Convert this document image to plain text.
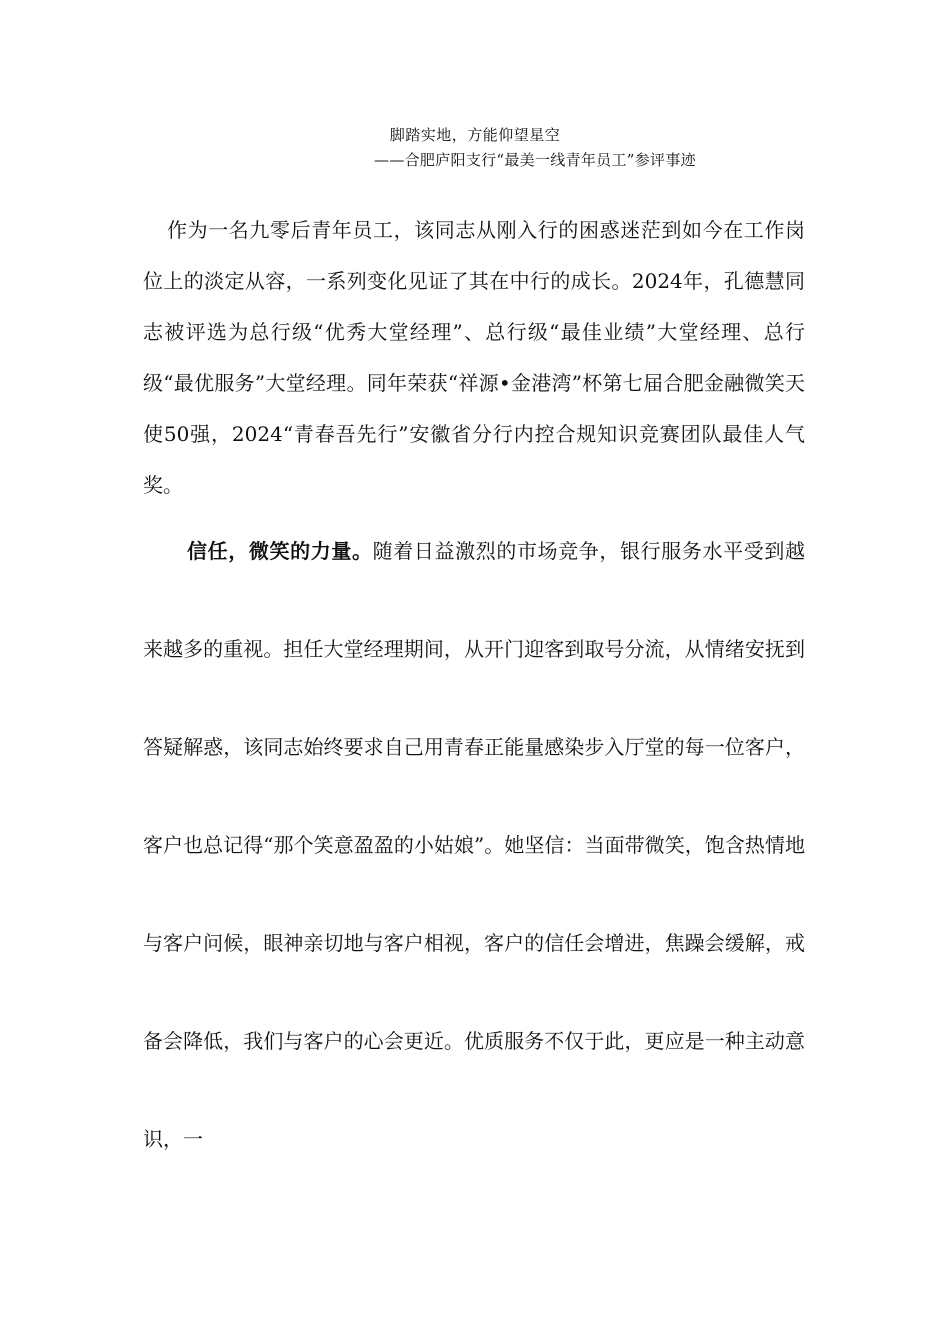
脚踏实地，方能仰望星空
——合肥庐阳支行“最美一线青年员工”参评事迹

作为一名九零后青年员工，该同志从刚入行的困惑迷茫到如今在工作岗位上的淡定从容，一系列变化见证了其在中行的成长。2024年，孔德慧同志被评选为总行级“优秀大堂经理”、总行级“最佳业绩”大堂经理、总行级“最优服务”大堂经理。同年荣获“祥源•金港湾”杯第七届合肥金融微笑天使50强，2024“青春吾先行”安徽省分行内控合规知识竞赛团队最佳人气奖。

信任，微笑的力量。随着日益激烈的市场竞争，银行服务水平受到越来越多的重视。担任大堂经理期间，从开门迎客到取号分流，从情绪安抚到答疑解惑，该同志始终要求自己用青春正能量感染步入厅堂的每一位客户，客户也总记得“那个笑意盈盈的小姑娘”。她坚信：当面带微笑，饱含热情地与客户问候，眼神亲切地与客户相视，客户的信任会增进，焦躁会缓解，戒备会降低，我们与客户的心会更近。优质服务不仅于此，更应是一种主动意识，一
